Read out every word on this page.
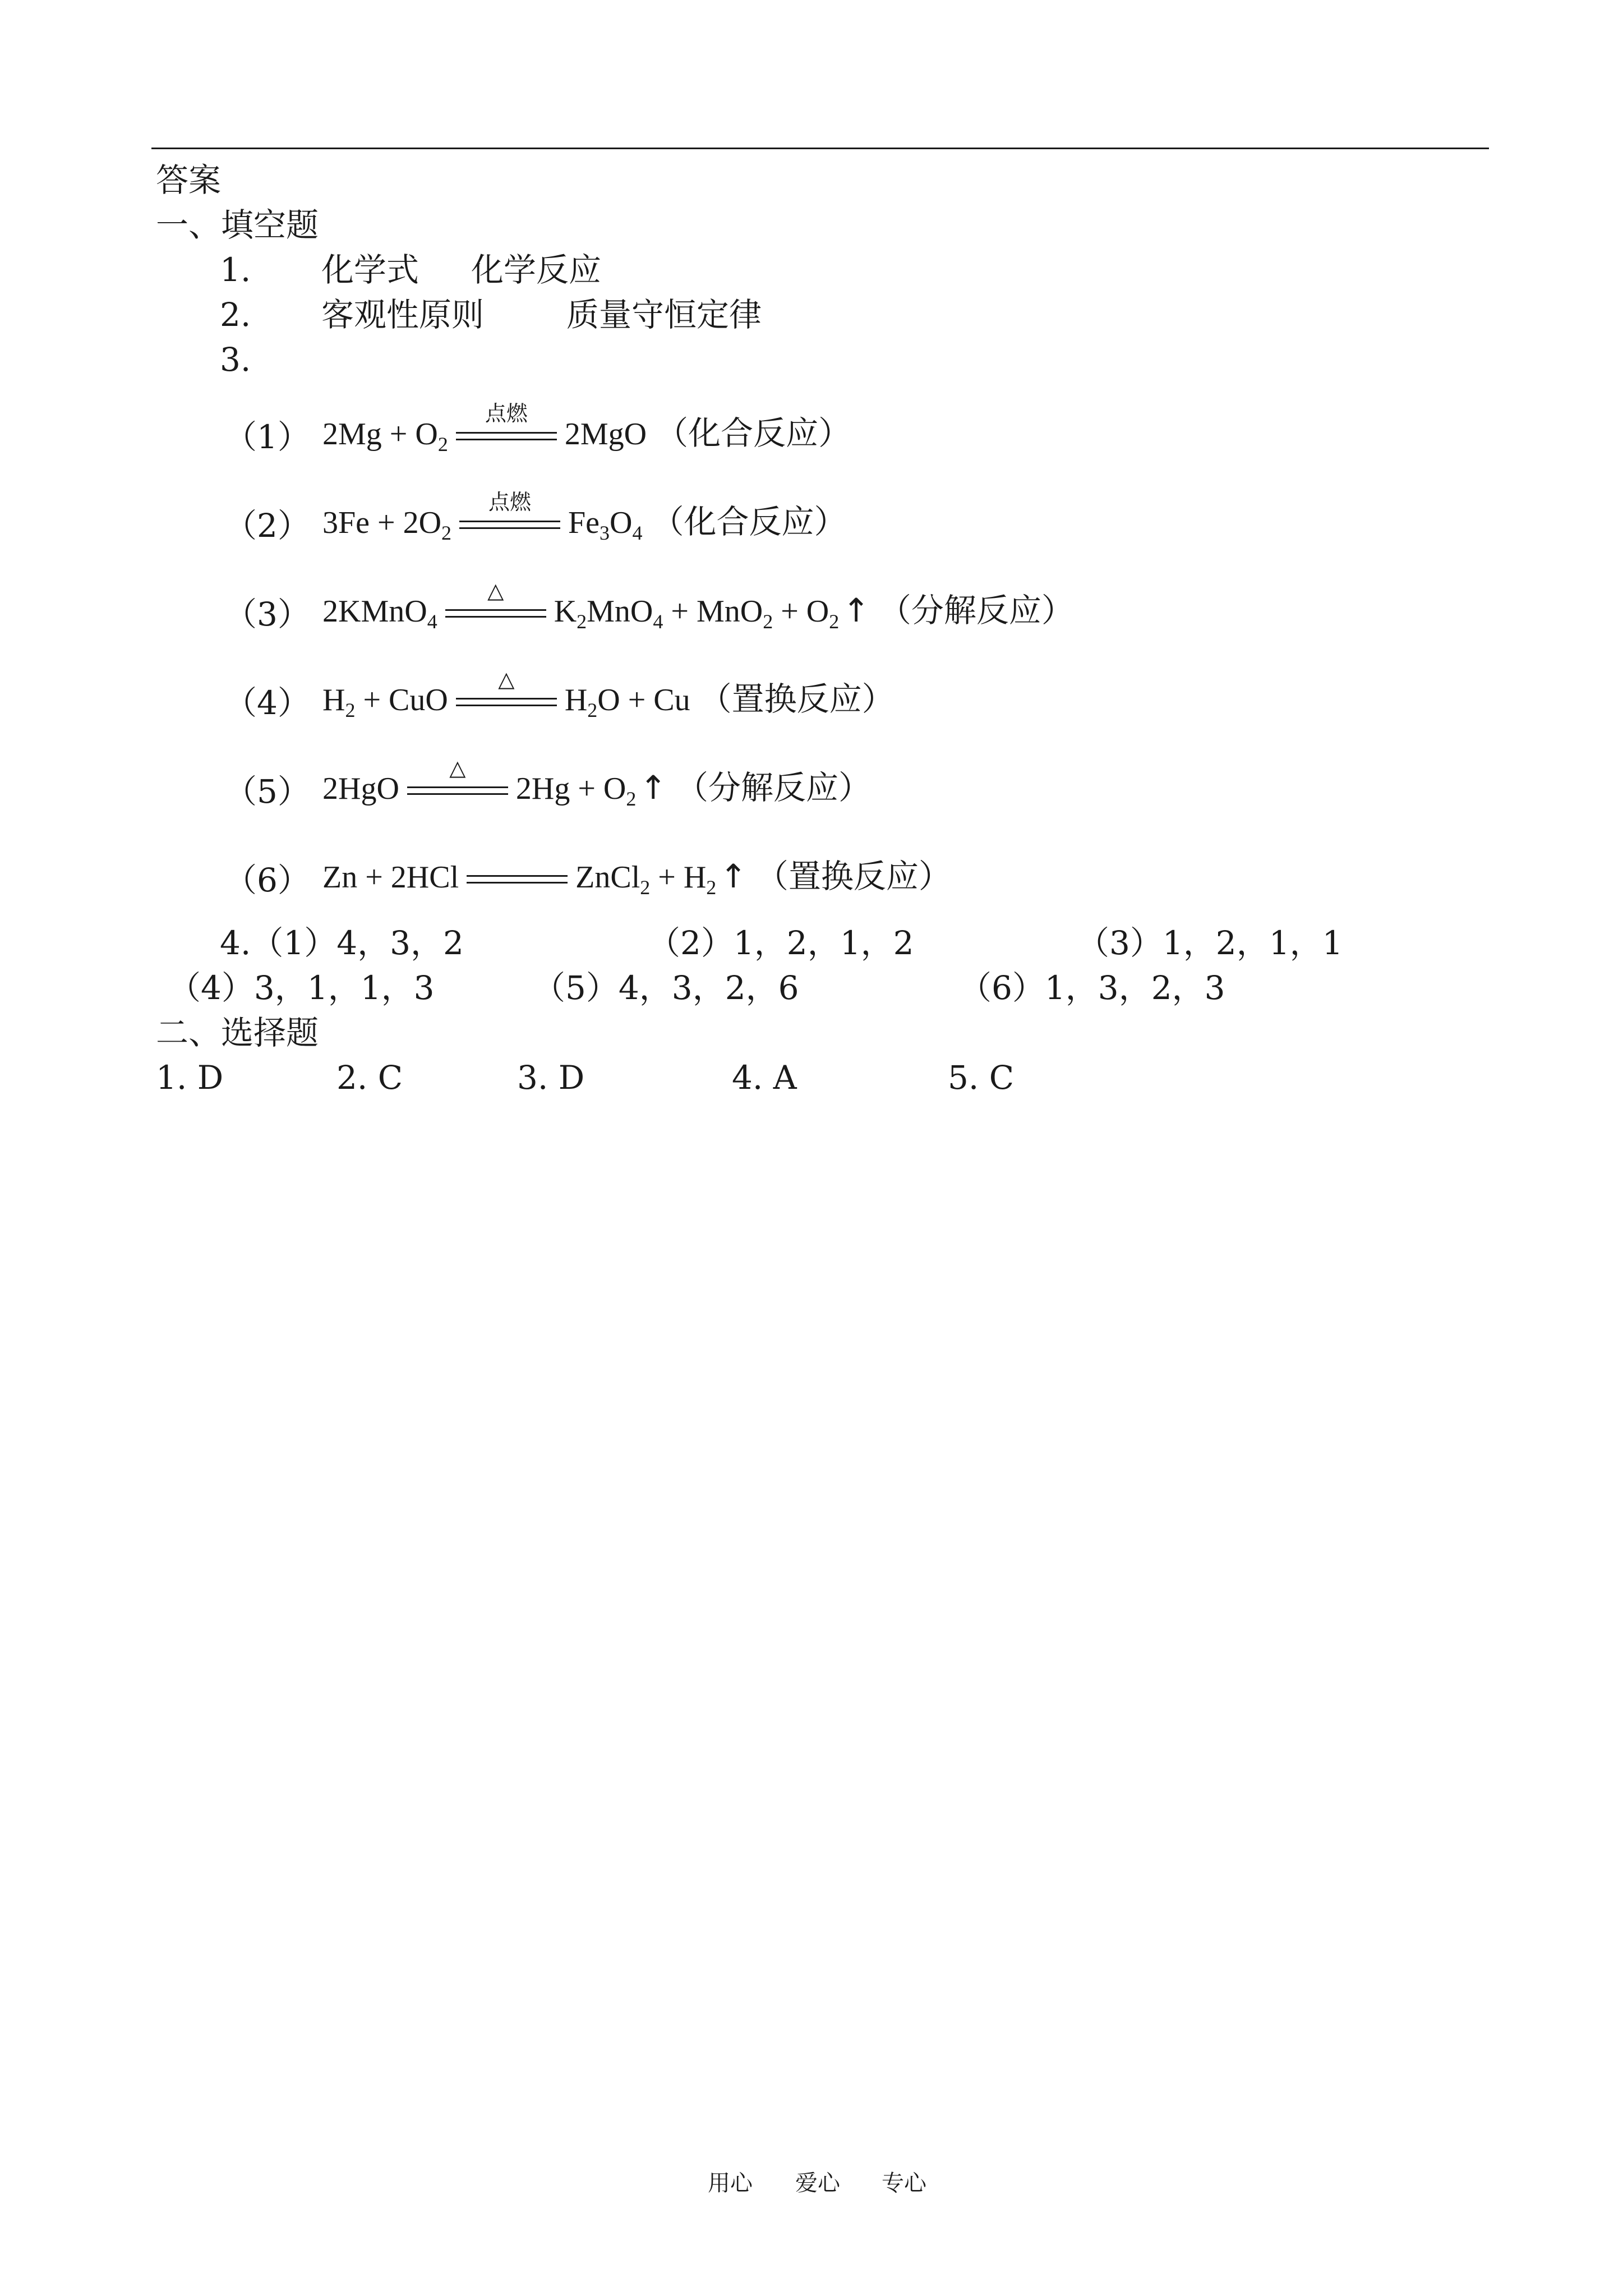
答案
一、填空题
1. 化学式 化学反应
2. 客观性原则	质量守恒定律
3.
（1） $2Mg + O_2$
点燃
2MgO （化合反应）
（2） $3Fe + 2O_2$
点燃
$Fe_3O_4$ （化合反应）
（3） 2KMnO$_4$
△
$K_2MnO_4 + MnO_2 + O_2$ ↑ （分解反应）
（4） $H_2$ + CuO
△
$H_2O + Cu$ （置换反应）
（5） 2HgO
△
$2Hg + O_2$ ↑ （分解反应）
（6） Zn + 2HCl	ZnCl$_2$ + $H_2$ ↑ （置换反应）
4.（1）4，3，2	（2）1，2，1，2	（3）1，2，1，1
（4）3，1，1，3	（5）4，3，2，6	（6）1，3，2，3
二、选择题
1. D	2. C	3. D	4. A	5. C
用心 爱心 专心
